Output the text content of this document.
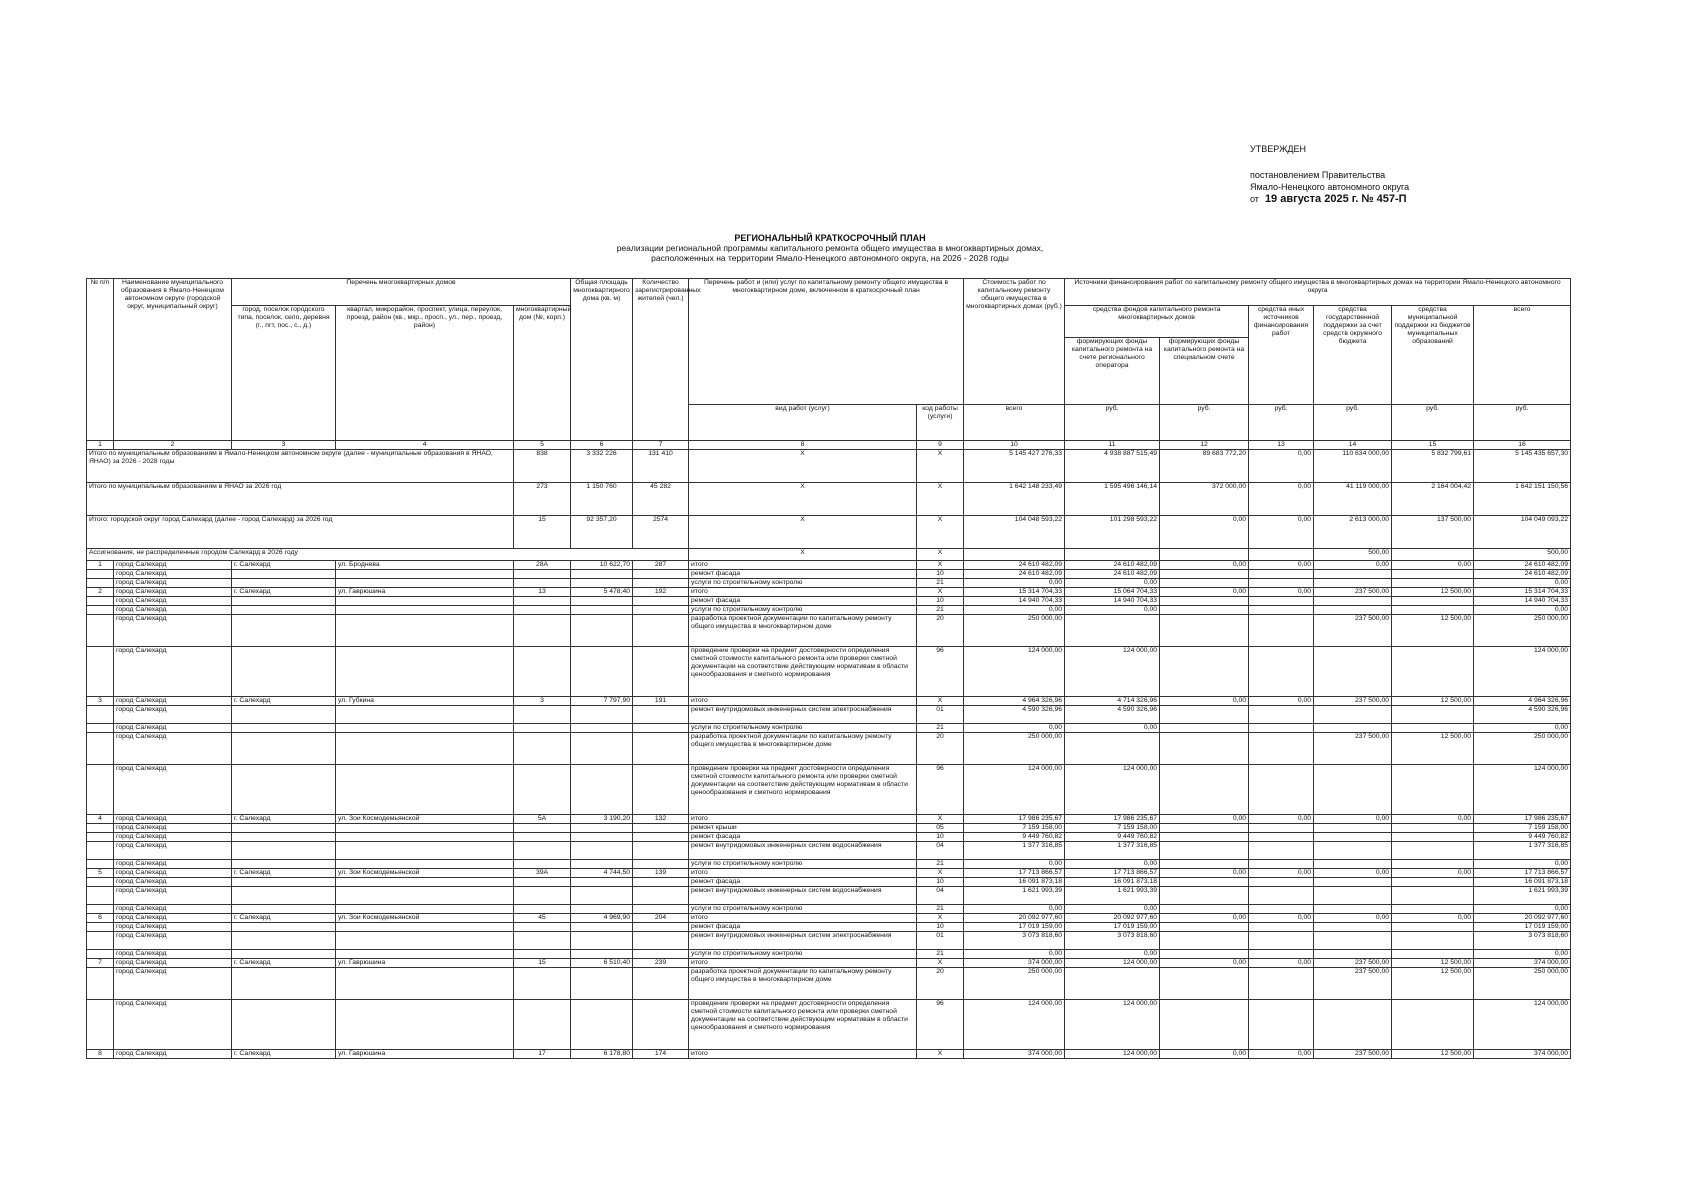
УТВЕРЖДЕН
постановлением Правительства
Ямало-Ненецкого автономного округа
от 19 августа 2025 г. № 457-П
РЕГИОНАЛЬНЫЙ КРАТКОСРОЧНЫЙ ПЛАН
реализации региональной программы капитального ремонта общего имущества в многоквартирных домах,
расположенных на территории Ямало-Ненецкого автономного округа, на 2026 - 2028 годы
№ п/п	Наименование муниципального образования в Ямало-Ненецком автономном округе (городской округ, муниципальный округ)	Перечень многоквартирных домов			Общая площадь многоквартирного дома (кв. м)	Количество зарегистрированных жителей (чел.)	Перечень работ и (или) услуг по капитальному ремонту общего имущества в многоквартирном доме, включенном в краткосрочный план		Стоимость работ по капитальному ремонту общего имущества в многоквартирных домах (руб.)	Источники финансирования работ по капитальному ремонту общего имущества в многоквартирных домах на территории Ямало-Ненецкого автономного округа					
		город, поселок городского типа, поселок, село, деревня (г., пгт, пос., с., д.)	квартал, микрорайон, проспект, улица, переулок, проезд, район (кв., мкр., просп., ул., пер., проезд, район)	многоквартирный дом (№, корп.)						средства фондов капитального ремонта многоквартирных домов		средства иных источников финансирования работ	средства государственной поддержки за счет средств окружного бюджета	средства муниципальной поддержки из бюджетов муниципальных образований	всего
										формирующих фонды капитального ремонта на счете регионального оператора	формирующих фонды капитального ремонта на специальном счете				
							вид работ (услуг)	код работы (услуги)	всего	руб.	руб.	руб.	руб.	руб.	руб.
1	2	3	4	5	6	7	8	9	10	11	12	13	14	15	16
Итого по муниципальным образованиям в Ямало-Ненецком автономном округе (далее - муниципальные образования в ЯНАО, ЯНАО) за 2026 - 2028 годы				838	3 332 226	131 410	Х	Х	5 145 427 276,33	4 938 887 515,49	89 683 772,20	0,00	110 634 000,00	5 832 799,61	5 145 435 657,30
Итого по муниципальным образованиям в ЯНАО за 2026 год				273	1 150 760	45 282	Х	Х	1 642 148 233,49	1 595 496 146,14	372 000,00	0,00	41 119 000,00	2 164 004,42	1 642 151 150,56
Итого: городской округ город Салехард (далее - город Салехард) за 2026 год				15	92 357,20	2574	Х	Х	104 048 593,22	101 298 593,22	0,00	0,00	2 613 000,00	137 500,00	104 049 093,22
Ассигнования, не распределенные городом Салехард в 2026 году							Х	Х					500,00		500,00
1	город Салехард	г. Салехард	ул. Броднева	28А	10 622,70	287	итого	Х	24 610 482,09	24 610 482,09	0,00	0,00	0,00	0,00	24 610 482,09
	город Салехард						ремонт фасада	10	24 610 482,09	24 610 482,09					24 610 482,09
	город Салехард						услуги по строительному контролю	21	0,00	0,00					0,00
2	город Салехард	г. Салехард	ул. Гаврюшина	13	5 478,40	192	итого	Х	15 314 704,33	15 064 704,33	0,00	0,00	237 500,00	12 500,00	15 314 704,33
	город Салехард						ремонт фасада	10	14 940 704,33	14 940 704,33					14 940 704,33
	город Салехард						услуги по строительному контролю	21	0,00	0,00					0,00
	город Салехард						разработка проектной документации по капитальному ремонту общего имущества в многоквартирном доме	20	250 000,00				237 500,00	12 500,00	250 000,00
	город Салехард						проведение проверки на предмет достоверности определения сметной стоимости капитального ремонта или проверки сметной документации на соответствие действующим нормативам в области ценообразования и сметного нормирования	96	124 000,00	124 000,00					124 000,00
3	город Салехард	г. Салехард	ул. Губкина	3	7 797,90	191	итого	Х	4 964 326,96	4 714 326,96	0,00	0,00	237 500,00	12 500,00	4 964 326,96
	город Салехард						ремонт внутридомовых инженерных систем электроснабжения	01	4 590 326,96	4 590 326,96					4 590 326,96
	город Салехард						услуги по строительному контролю	21	0,00	0,00					0,00
	город Салехард						разработка проектной документации по капитальному ремонту общего имущества в многоквартирном доме	20	250 000,00				237 500,00	12 500,00	250 000,00
	город Салехард						проведение проверки на предмет достоверности определения сметной стоимости капитального ремонта или проверки сметной документации на соответствие действующим нормативам в области ценообразования и сметного нормирования	96	124 000,00	124 000,00					124 000,00
4	город Салехард	г. Салехард	ул. Зои Космодемьянской	5А	3 190,20	132	итого	Х	17 986 235,67	17 986 235,67	0,00	0,00	0,00	0,00	17 986 235,67
	город Салехард						ремонт крыши	05	7 159 158,00	7 159 158,00					7 159 158,00
	город Салехард						ремонт фасада	10	9 449 760,82	9 449 760,82					9 449 760,82
	город Салехард						ремонт внутридомовых инженерных систем водоснабжения	04	1 377 316,85	1 377 316,85					1 377 316,85
	город Салехард						услуги по строительному контролю	21	0,00	0,00					0,00
5	город Салехард	г. Салехард	ул. Зои Космодемьянской	39А	4 744,50	139	итого	Х	17 713 866,57	17 713 866,57	0,00	0,00	0,00	0,00	17 713 866,57
	город Салехард						ремонт фасада	10	16 091 873,18	16 091 873,18					16 091 873,18
	город Салехард						ремонт внутридомовых инженерных систем водоснабжения	04	1 621 993,39	1 621 993,39					1 621 993,39
	город Салехард						услуги по строительному контролю	21	0,00	0,00					0,00
6	город Салехард	г. Салехард	ул. Зои Космодемьянской	45	4 969,90	204	итого	Х	20 092 977,60	20 092 977,60	0,00	0,00	0,00	0,00	20 092 977,60
	город Салехард						ремонт фасада	10	17 019 159,00	17 019 159,00					17 019 159,00
	город Салехард						ремонт внутридомовых инженерных систем электроснабжения	01	3 073 818,60	3 073 818,60					3 073 818,60
	город Салехард						услуги по строительному контролю	21	0,00	0,00					0,00
7	город Салехард	г. Салехард	ул. Гаврюшина	15	6 510,40	239	итого	Х	374 000,00	124 000,00	0,00	0,00	237 500,00	12 500,00	374 000,00
	город Салехард						разработка проектной документации по капитальному ремонту общего имущества в многоквартирном доме	20	250 000,00				237 500,00	12 500,00	250 000,00
	город Салехард						проведение проверки на предмет достоверности определения сметной стоимости капитального ремонта или проверки сметной документации на соответствие действующим нормативам в области ценообразования и сметного нормирования	96	124 000,00	124 000,00					124 000,00
8	город Салехард	г. Салехард	ул. Гаврюшина	17	6 178,80	174	итого	Х	374 000,00	124 000,00	0,00	0,00	237 500,00	12 500,00	374 000,00
